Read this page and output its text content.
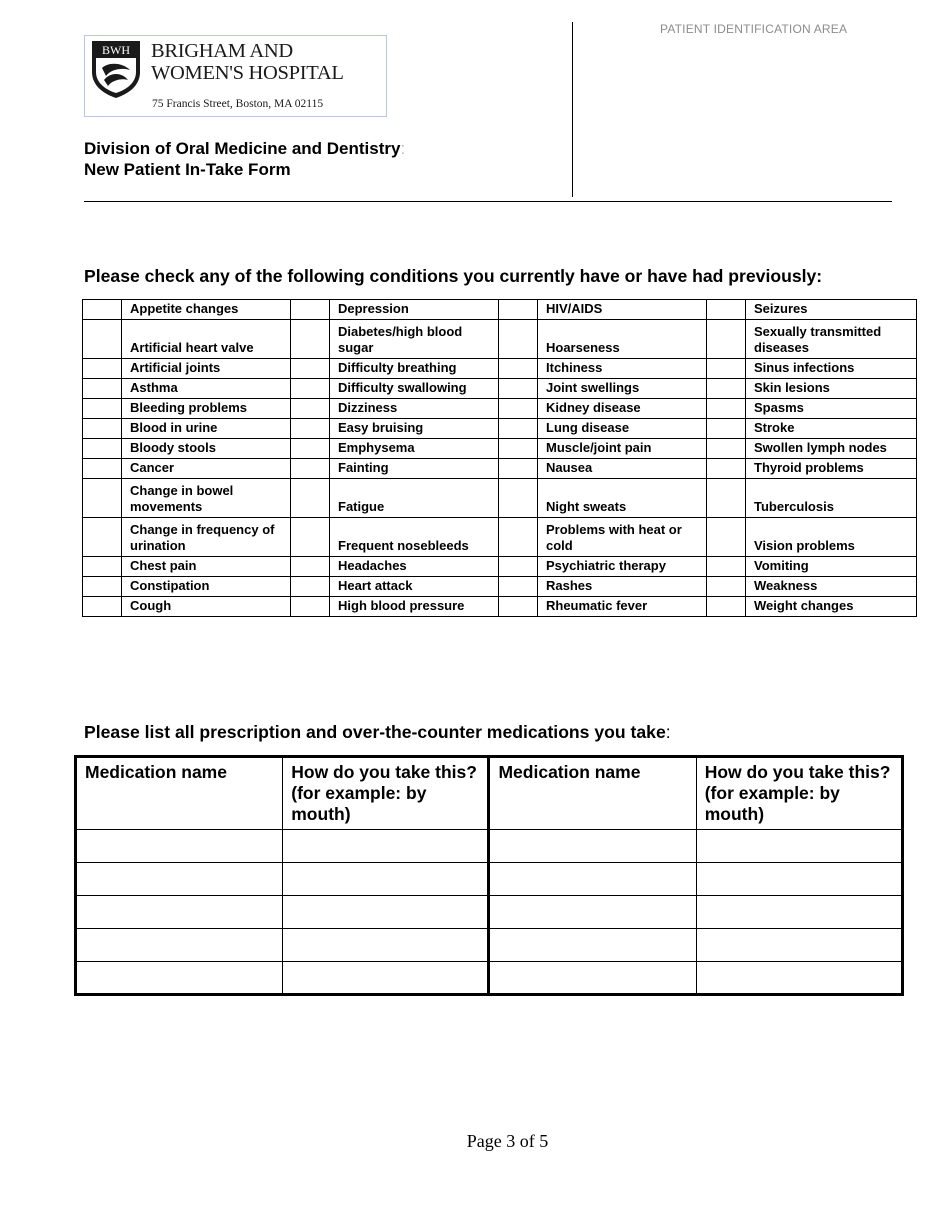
BWH BRIGHAM AND
WOMEN'S HOSPITAL
75 Francis Street, Boston, MA 02115
PATIENT IDENTIFICATION AREA
Division of Oral Medicine and Dentistry:
New Patient In-Take Form
Please check any of the following conditions you currently have or have had previously:
	Appetite changes		Depression		HIV/AIDS		Seizures
	Artificial heart valve		Diabetes/high blood sugar		Hoarseness		Sexually transmitted diseases
	Artificial joints		Difficulty breathing		Itchiness		Sinus infections
	Asthma		Difficulty swallowing		Joint swellings		Skin lesions
	Bleeding problems		Dizziness		Kidney disease		Spasms
	Blood in urine		Easy bruising		Lung disease		Stroke
	Bloody stools		Emphysema		Muscle/joint pain		Swollen lymph nodes
	Cancer		Fainting		Nausea		Thyroid problems
	Change in bowel movements		Fatigue		Night sweats		Tuberculosis
	Change in frequency of urination		Frequent nosebleeds		Problems with heat or cold		Vision problems
	Chest pain		Headaches		Psychiatric therapy		Vomiting
	Constipation		Heart attack		Rashes		Weakness
	Cough		High blood pressure		Rheumatic fever		Weight changes
Please list all prescription and over-the-counter medications you take:
Medication name	How do you take this? (for example: by mouth)	Medication name	How do you take this? (for example: by mouth)

Page 3 of 5
